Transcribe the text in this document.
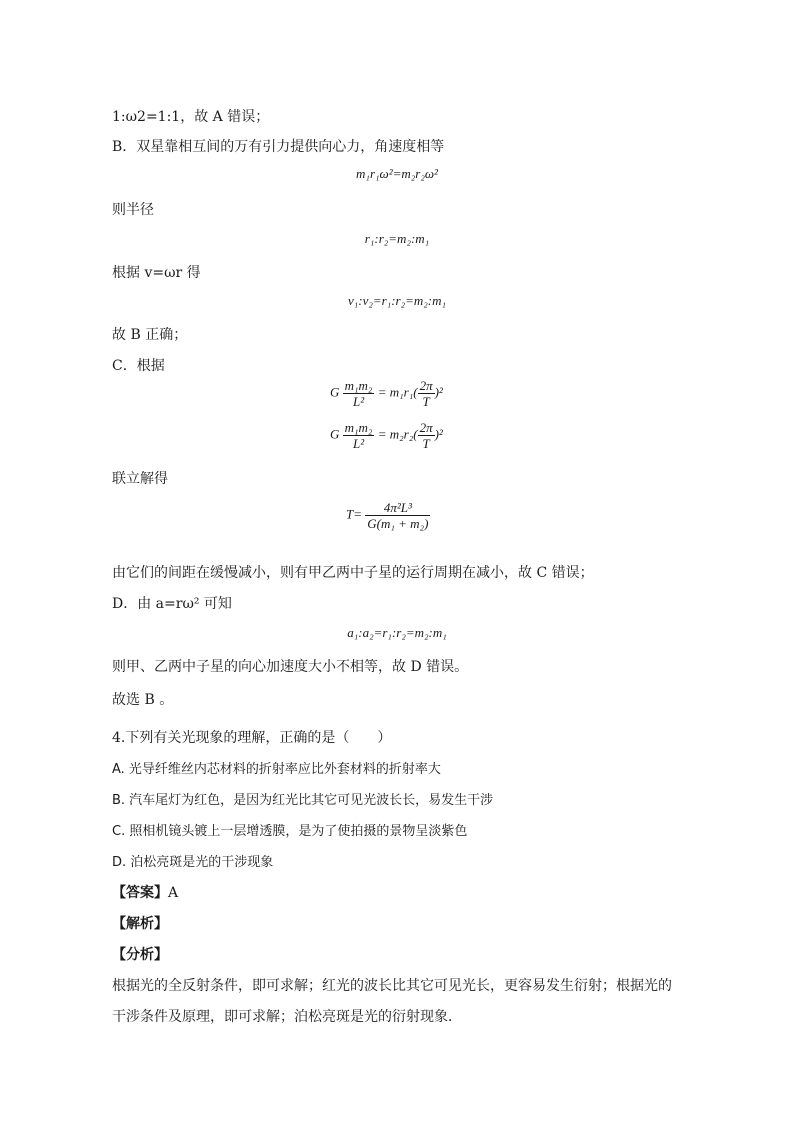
1:ω2=1:1，故 A 错误；
B．双星靠相互间的万有引力提供向心力，角速度相等
m₁r₁ω²=m₂r₂ω²
则半径
r₁:r₂=m₂:m₁
根据 v=ωr 得
v₁:v₂=r₁:r₂=m₂:m₁
故 B 正确；
C．根据
G $\frac{\text{m₁m₂}}{\text{L²}} = m_1r_1( \frac{2\pi}{T} )^2$
G $\frac{\text{m₁m₂}}{\text{L²}} = m_2r_2( \frac{2\pi}{T} )^2$
联立解得
$T= \frac{\text{4π²L³}}{\text{G(m₁ + m₂)}}$
由它们的间距在缓慢减小，则有甲乙两中子星的运行周期在减小，故 C 错误；
D．由 a=rω² 可知
a₁:a₂=r₁:r₂=m₂:m₁
则甲、乙两中子星的向心加速度大小不相等，故 D 错误。
故选 B 。
4.下列有关光现象的理解，正确的是（　　）
A. 光导纤维丝内芯材料的折射率应比外套材料的折射率大
B. 汽车尾灯为红色，是因为红光比其它可见光波长长，易发生干涉
C. 照相机镜头镀上一层增透膜，是为了使拍摄的景物呈淡紫色
D. 泊松亮斑是光的干涉现象
【答案】A
【解析】
【分析】
根据光的全反射条件，即可求解；红光的波长比其它可见光长，更容易发生衍射；根据光的
干涉条件及原理，即可求解；泊松亮斑是光的衍射现象．
